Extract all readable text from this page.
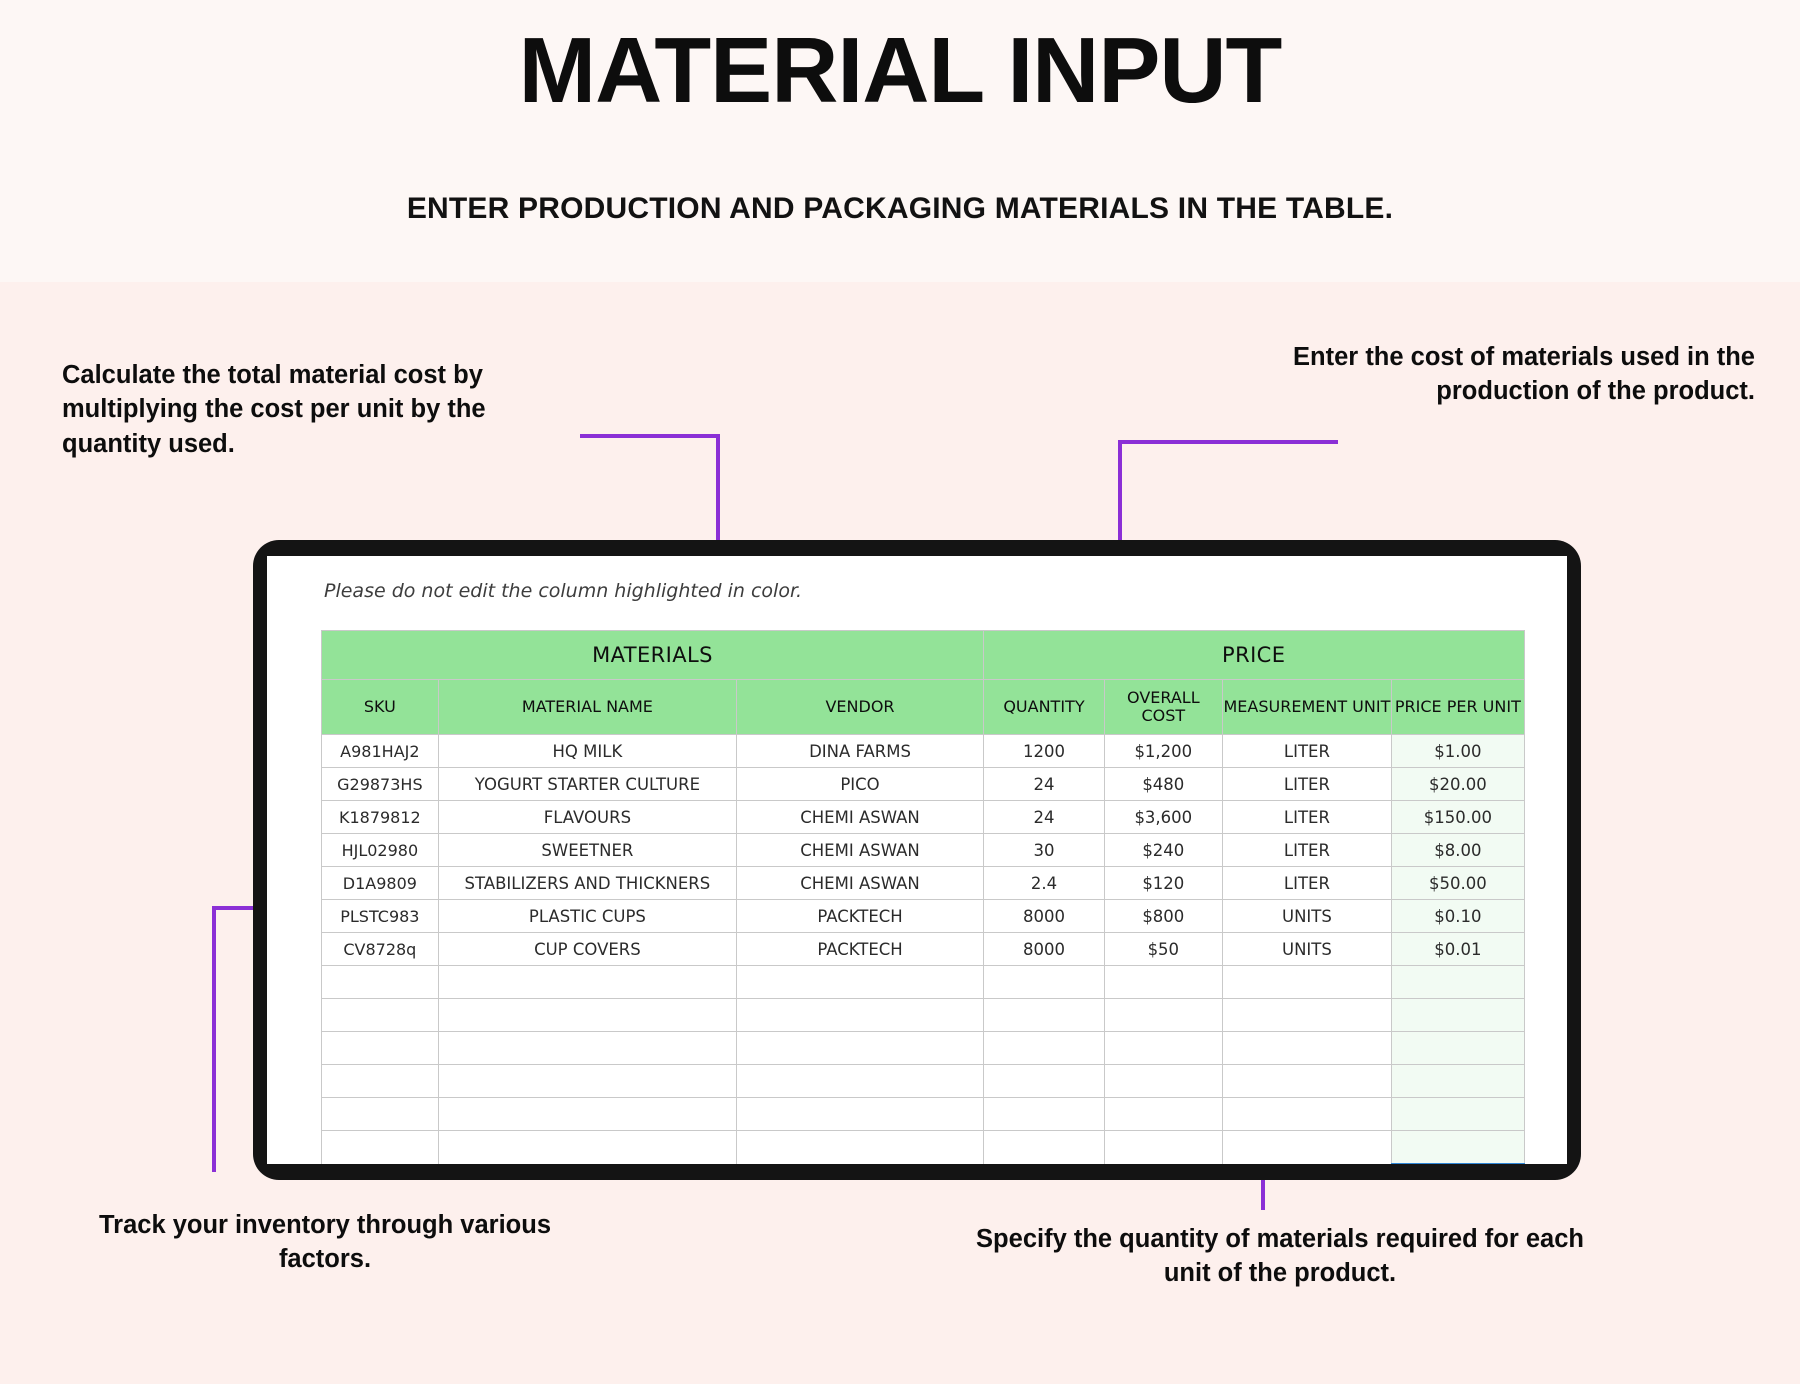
MATERIAL INPUT
ENTER PRODUCTION AND PACKAGING MATERIALS IN THE TABLE.
Calculate the total material cost by multiplying the cost per unit by the quantity used.
Enter the cost of materials used in the production of the product.
Track your inventory through various factors.
Specify the quantity of materials required for each unit of the product.
Please do not edit the column highlighted in color.
MATERIALS			PRICE			
SKU	MATERIAL NAME	VENDOR	QUANTITY	OVERALL COST	MEASUREMENT UNIT	PRICE PER UNIT
A981HAJ2	HQ MILK	DINA FARMS	1200	$1,200	LITER	$1.00
G29873HS	YOGURT STARTER CULTURE	PICO	24	$480	LITER	$20.00
K1879812	FLAVOURS	CHEMI ASWAN	24	$3,600	LITER	$150.00
HJL02980	SWEETNER	CHEMI ASWAN	30	$240	LITER	$8.00
D1A9809	STABILIZERS AND THICKNERS	CHEMI ASWAN	2.4	$120	LITER	$50.00
PLSTC983	PLASTIC CUPS	PACKTECH	8000	$800	UNITS	$0.10
CV8728q	CUP COVERS	PACKTECH	8000	$50	UNITS	$0.01
